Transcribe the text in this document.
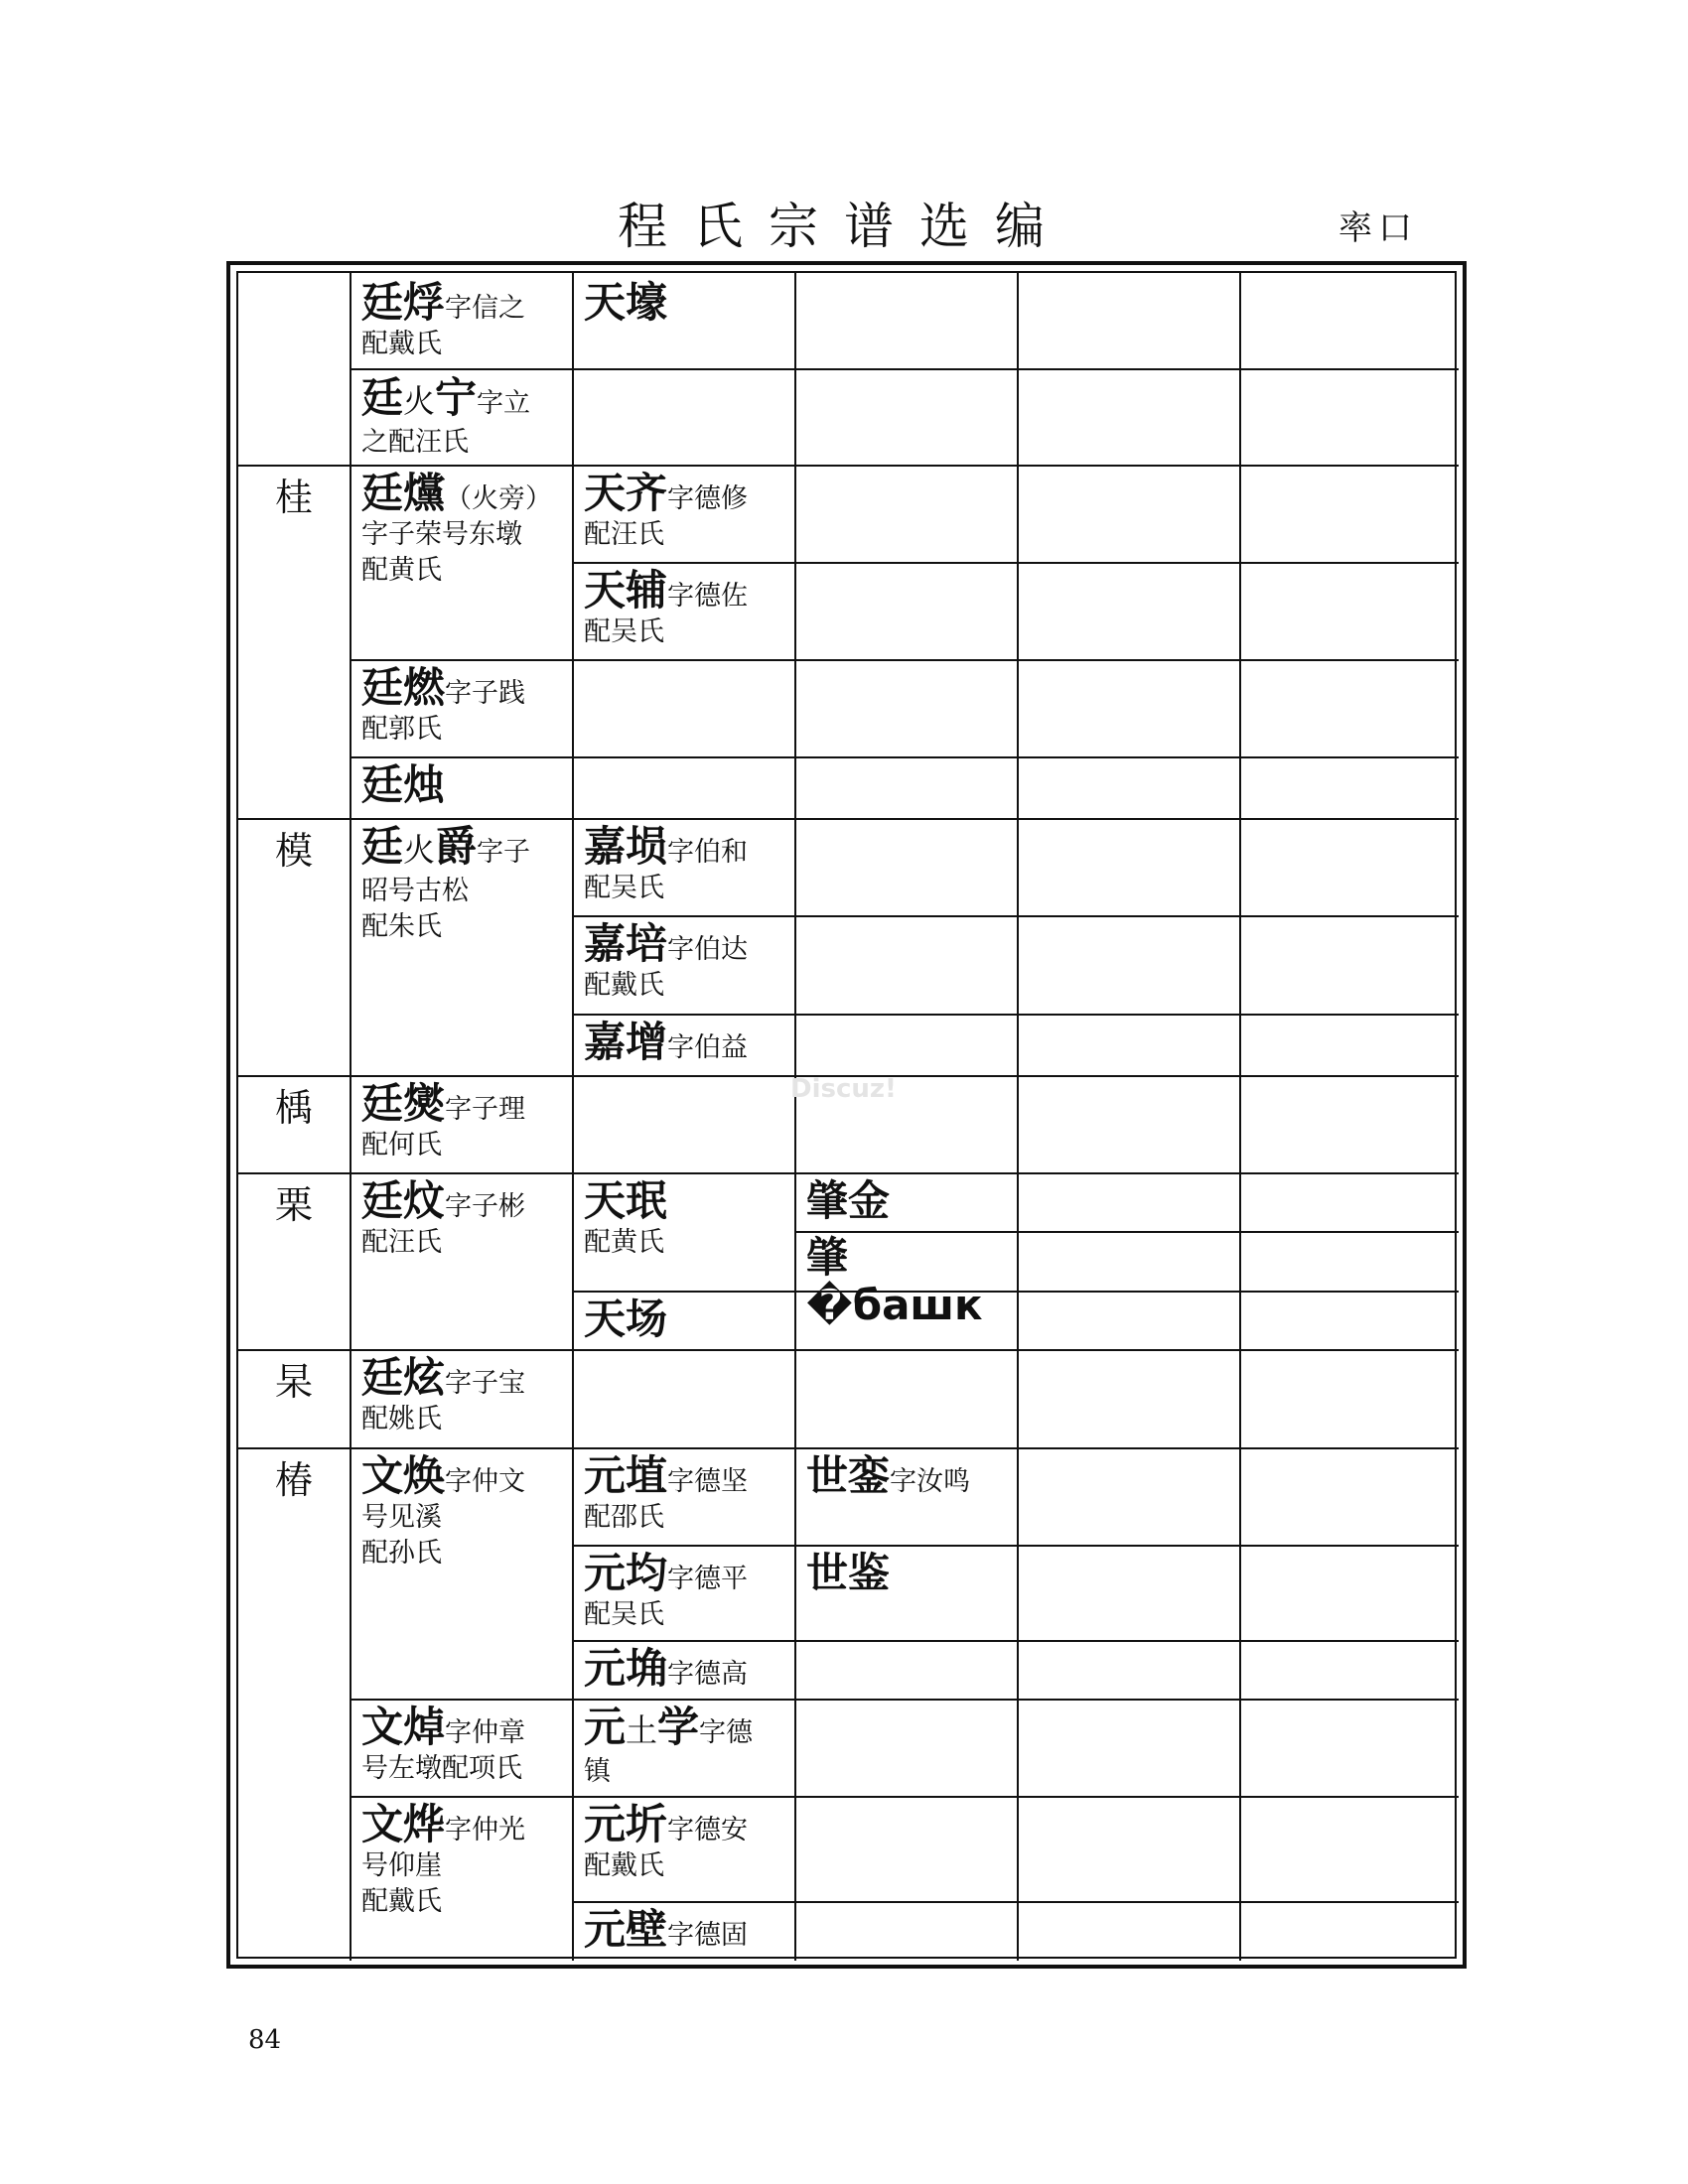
程氏宗谱选编	率口
桂
模
楀
栗
杲
椿
廷烰字信之
配戴氏
廷火宁字立
之配汪氏
廷爣（火旁）
字子荣号东墩
配黄氏
廷燃字子践
配郭氏
廷烛
廷火爵字子
昭号古松
配朱氏
廷爕字子理
配何氏
廷炆字子彬
配汪氏
廷炫字子宝
配姚氏
文焕字仲文
号见溪
配孙氏
文焯字仲章
号左墩配项氏
文烨字仲光
号仰崖
配戴氏
天壕
天齐字德修
配汪氏
天辅字德佐
配吴氏
嘉埙字伯和
配吴氏
嘉培字伯达
配戴氏
嘉增字伯益
天珉
配黄氏
天场
元埴字德坚
配邵氏
元均字德平
配吴氏
元埆字德高
元土学字德
镇
元圻字德安
配戴氏
元壁字德固
肇金
肇�башк
世銮字汝鸣
世鉴
Discuz!
84
